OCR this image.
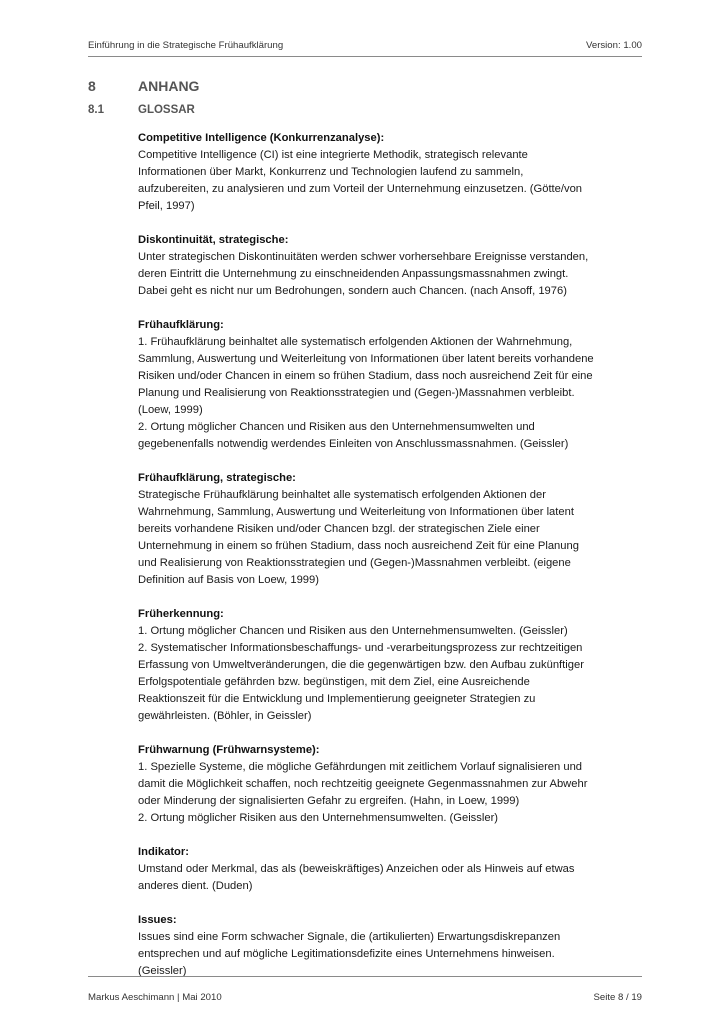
Einführung in die Strategische Frühaufklärung	Version: 1.00
8	ANHANG
8.1	GLOSSAR
Competitive Intelligence (Konkurrenzanalyse):
Competitive Intelligence (CI) ist eine integrierte Methodik, strategisch relevante
Informationen über Markt, Konkurrenz und Technologien laufend zu sammeln,
aufzubereiten, zu analysieren und zum Vorteil der Unternehmung einzusetzen. (Götte/von
Pfeil, 1997)
Diskontinuität, strategische:
Unter strategischen Diskontinuitäten werden schwer vorhersehbare Ereignisse verstanden,
deren Eintritt die Unternehmung zu einschneidenden Anpassungsmassnahmen zwingt.
Dabei geht es nicht nur um Bedrohungen, sondern auch Chancen. (nach Ansoff, 1976)
Frühaufklärung:
1. Frühaufklärung beinhaltet alle systematisch erfolgenden Aktionen der Wahrnehmung,
Sammlung, Auswertung und Weiterleitung von Informationen über latent bereits vorhandene
Risiken und/oder Chancen in einem so frühen Stadium, dass noch ausreichend Zeit für eine
Planung und Realisierung von Reaktionsstrategien und (Gegen-)Massnahmen verbleibt.
(Loew, 1999)
2. Ortung möglicher Chancen und Risiken aus den Unternehmensumwelten und
gegebenenfalls notwendig werdendes Einleiten von Anschlussmassnahmen. (Geissler)
Frühaufklärung, strategische:
Strategische Frühaufklärung beinhaltet alle systematisch erfolgenden Aktionen der
Wahrnehmung, Sammlung, Auswertung und Weiterleitung von Informationen über latent
bereits vorhandene Risiken und/oder Chancen bzgl. der strategischen Ziele einer
Unternehmung in einem so frühen Stadium, dass noch ausreichend Zeit für eine Planung
und Realisierung von Reaktionsstrategien und (Gegen-)Massnahmen verbleibt. (eigene
Definition auf Basis von Loew, 1999)
Früherkennung:
1. Ortung möglicher Chancen und Risiken aus den Unternehmensumwelten. (Geissler)
2. Systematischer Informationsbeschaffungs- und -verarbeitungsprozess zur rechtzeitigen
Erfassung von Umweltveränderungen, die die gegenwärtigen bzw. den Aufbau zukünftiger
Erfolgspotentiale gefährden bzw. begünstigen, mit dem Ziel, eine Ausreichende
Reaktionszeit für die Entwicklung und Implementierung geeigneter Strategien zu
gewährleisten. (Böhler, in Geissler)
Frühwarnung (Frühwarnsysteme):
1. Spezielle Systeme, die mögliche Gefährdungen mit zeitlichem Vorlauf signalisieren und
damit die Möglichkeit schaffen, noch rechtzeitig geeignete Gegenmassnahmen zur Abwehr
oder Minderung der signalisierten Gefahr zu ergreifen. (Hahn, in Loew, 1999)
2. Ortung möglicher Risiken aus den Unternehmensumwelten. (Geissler)
Indikator:
Umstand oder Merkmal, das als (beweiskräftiges) Anzeichen oder als Hinweis auf etwas
anderes dient. (Duden)
Issues:
Issues sind eine Form schwacher Signale, die (artikulierten) Erwartungsdiskrepanzen
entsprechen und auf mögliche Legitimationsdefizite eines Unternehmens hinweisen.
(Geissler)
Markus Aeschimann | Mai 2010	Seite 8 / 19
